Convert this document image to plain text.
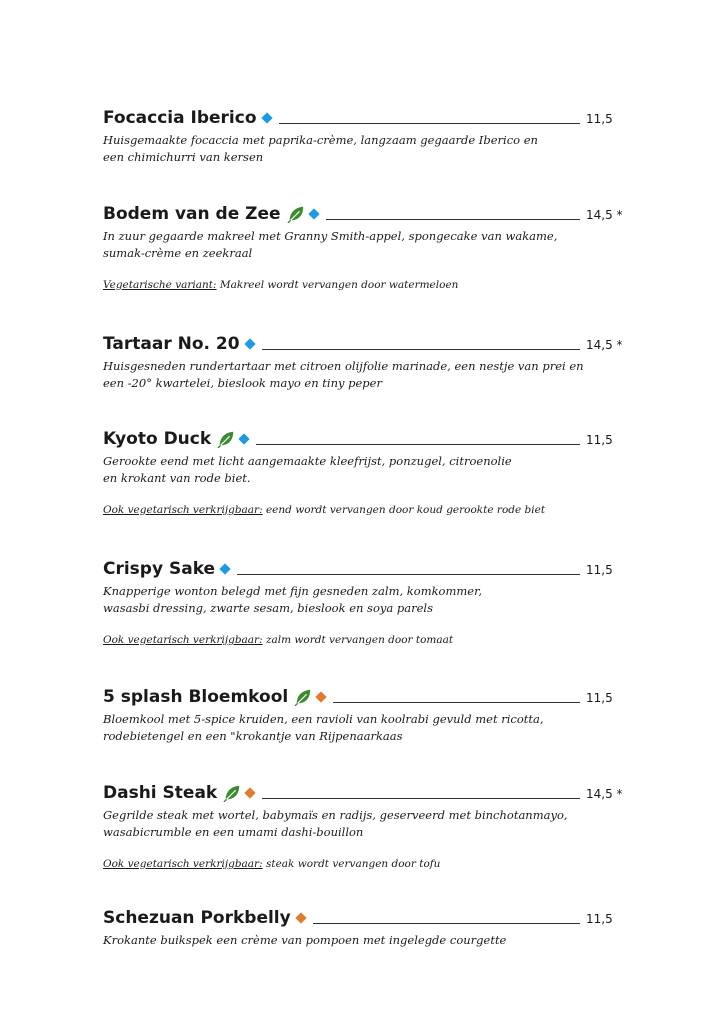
Focaccia Iberico	11,5
Huisgemaakte focaccia met paprika-crème, langzaam gegaarde Iberico en
een chimichurri van kersen
Bodem van de Zee	14,5 *
In zuur gegaarde makreel met Granny Smith-appel, spongecake van wakame,
sumak-crème en zeekraal
Vegetarische variant: Makreel wordt vervangen door watermeloen
Tartaar No. 20	14,5 *
Huisgesneden rundertartaar met citroen olijfolie marinade, een nestje van prei en
een -20° kwartelei, bieslook mayo en tiny peper
Kyoto Duck	11,5
Gerookte eend met licht aangemaakte kleefrijst, ponzugel, citroenolie
en krokant van rode biet.
Ook vegetarisch verkrijgbaar: eend wordt vervangen door koud gerookte rode biet
Crispy Sake	11,5
Knapperige wonton belegd met fijn gesneden zalm, komkommer,
wasasbi dressing, zwarte sesam, bieslook en soya parels
Ook vegetarisch verkrijgbaar: zalm wordt vervangen door tomaat
5 splash Bloemkool	11,5
Bloemkool met 5-spice kruiden, een ravioli van koolrabi gevuld met ricotta,
rodebietengel en een "krokantje van Rijpenaarkaas
Dashi Steak	14,5 *
Gegrilde steak met wortel, babymaïs en radijs, geserveerd met binchotanmayo,
wasabicrumble en een umami dashi-bouillon
Ook vegetarisch verkrijgbaar: steak wordt vervangen door tofu
Schezuan Porkbelly	11,5
Krokante buikspek een crème van pompoen met ingelegde courgette
